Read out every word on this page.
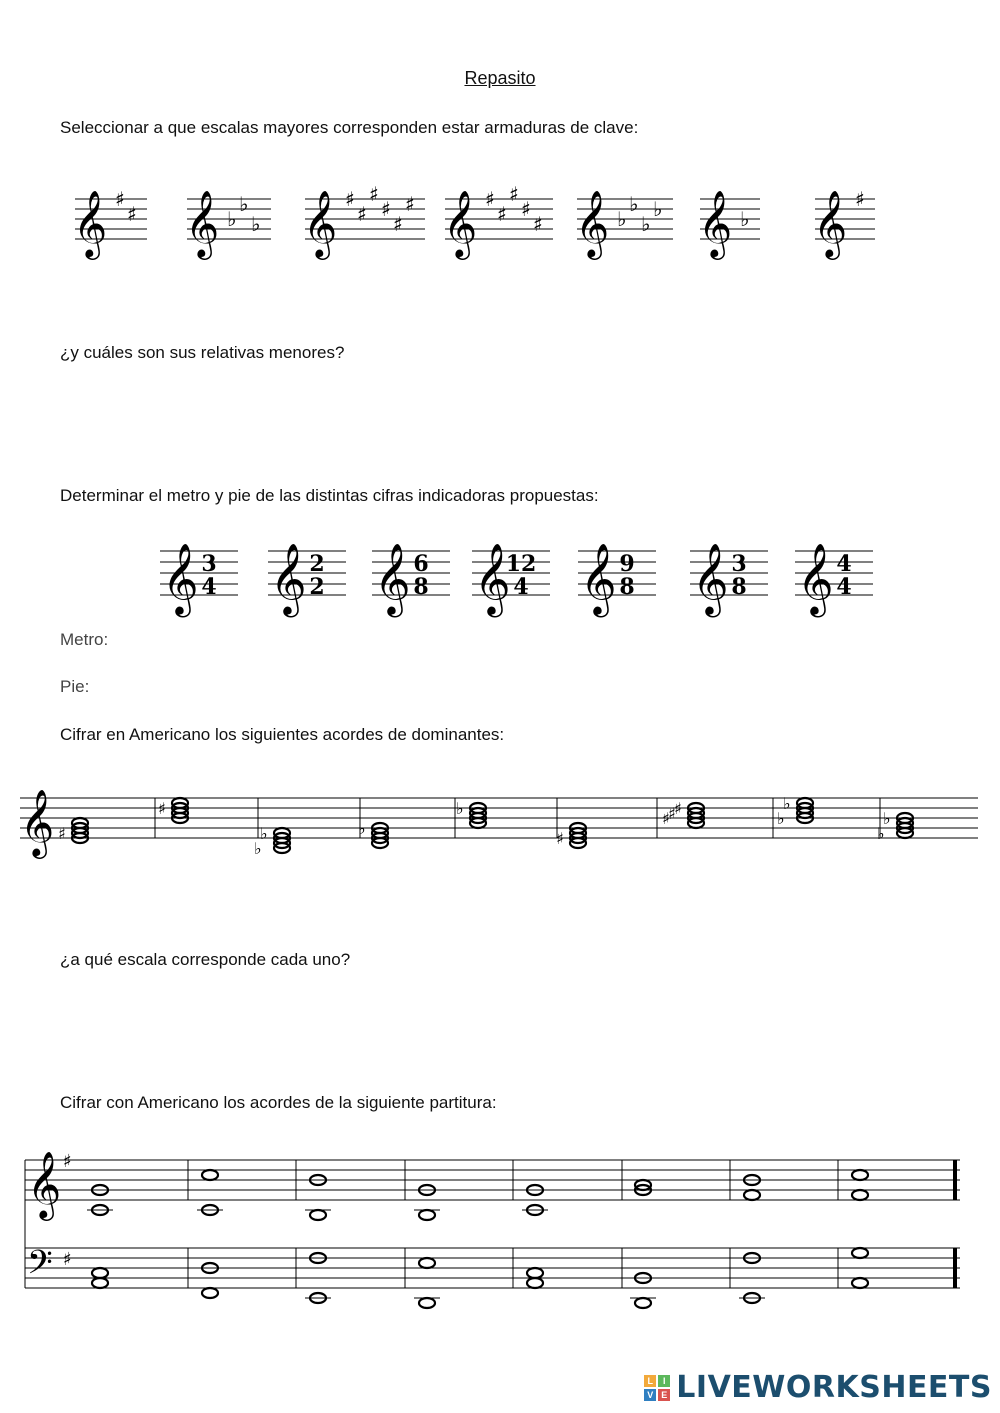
Repasito
Seleccionar a que escalas mayores corresponden estar armaduras de clave:
𝄞 ♯
♯ 𝄞 ♭
♭
♭ 𝄞 ♯
♯
♯
♯
♯
♯ 𝄞 ♯
♯
♯
♯
♯ 𝄞 ♭
♭
♭
♭ 𝄞 ♭ 𝄞 ♯
¿y cuáles son sus relativas menores?
Determinar el metro y pie de las distintas cifras indicadoras propuestas:
𝄞 3
4 𝄞 2
2 𝄞 6
8 𝄞
12
4 𝄞 9
8 𝄞 3
8 𝄞 4
4
Metro:
Pie:
Cifrar en Americano los siguientes acordes de dominantes:
𝄞 ♯
♯
♭
♭
♭
♭
♯
♯
♯
♯
♭
♭	♭
♭
¿a qué escala corresponde cada uno?
Cifrar con Americano los acordes de la siguiente partitura:
𝄞
𝄢
♯
♯
L	I
V E LIVEWORKSHEETS
